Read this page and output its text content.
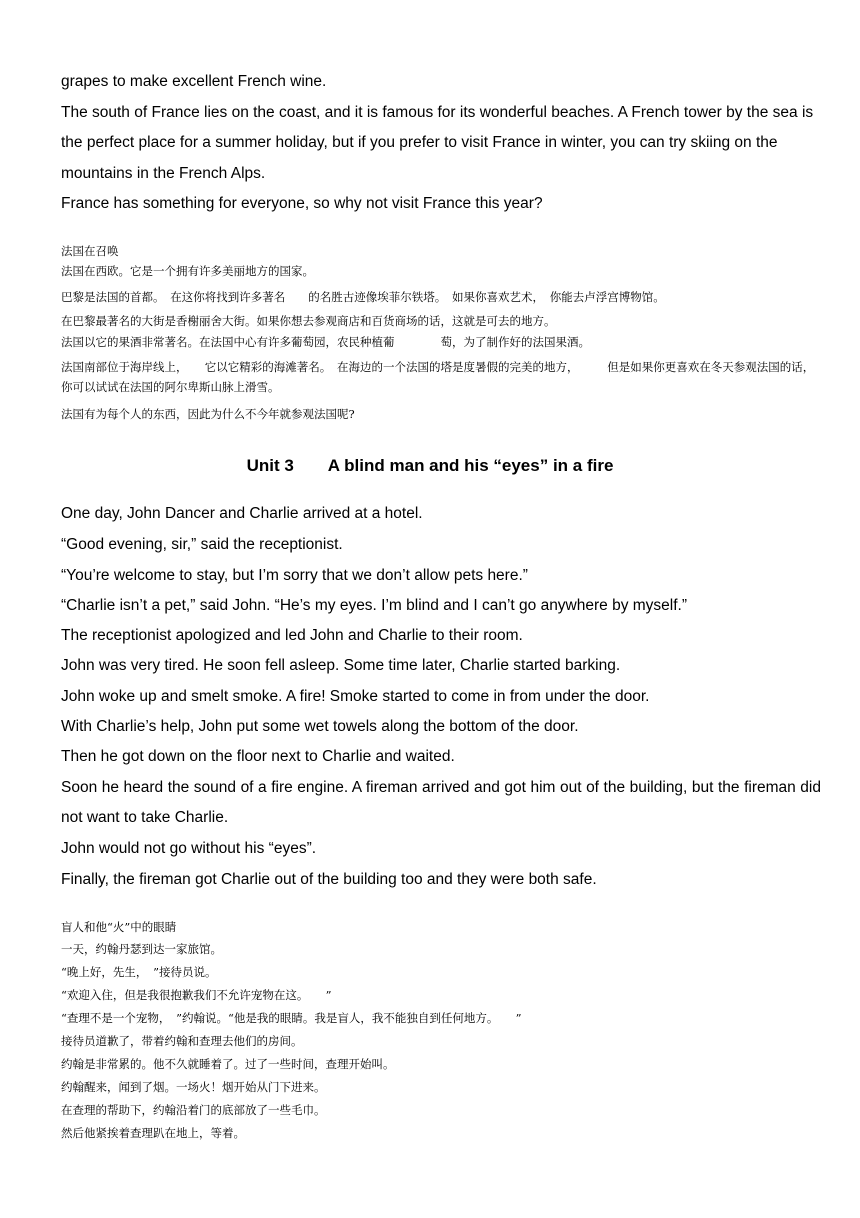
grapes to make excellent French wine.
The south of France lies on the coast, and it is famous for its wonderful beaches. A French tower by the sea is the perfect place for a summer holiday, but if you prefer to visit France in winter, you can try skiing on the mountains in the French Alps.
France has something for everyone, so why not visit France this year?
法国在召唤
法国在西欧。它是一个拥有许多美丽地方的国家。
巴黎是法国的首都。　在这你将找到许多著名　　的名胜古迹像埃菲尔铁塔。　如果你喜欢艺术，　你能去卢浮宫博物馆。
在巴黎最著名的大街是香榭丽舍大街。如果你想去参观商店和百货商场的话，这就是可去的地方。
法国以它的果酒非常著名。在法国中心有许多葡萄园，农民种植葡　　　　萄，为了制作好的法国果酒。
法国南部位于海岸线上，　　它以它精彩的海滩著名。　在海边的一个法国的塔是度暑假的完美的地方，　　　但是如果你更喜欢在冬天参观法国的话，你可以试试在法国的阿尔卑斯山脉上滑雪。
法国有为每个人的东西，因此为什么不今年就参观法国呢?
Unit 3　　A blind man and his “eyes” in a fire
One day, John Dancer and Charlie arrived at a hotel.
“Good evening, sir,” said the receptionist.
“You’re welcome to stay, but I’m sorry that we don’t allow pets here.”
“Charlie isn’t a pet,” said John. “He’s my eyes. I’m blind and I can’t go anywhere by myself.”
The receptionist apologized and led John and Charlie to their room.
John was very tired. He soon fell asleep. Some time later, Charlie started barking.
John woke up and smelt smoke. A fire! Smoke started to come in from under the door.
With Charlie’s help, John put some wet towels along the bottom of the door.
Then he got down on the floor next to Charlie and waited.
Soon he heard the sound of a fire engine. A fireman arrived and got him out of the building, but the fireman did not want to take Charlie.
John would not go without his “eyes”.
Finally, the fireman got Charlie out of the building too and they were both safe.
盲人和他“火”中的眼睛
一天，约翰丹瑟到达一家旅馆。
“晚上好，先生，　”接待员说。
“欢迎入住，但是我很抱歉我们不允许宠物在这。　　”
“查理不是一个宠物，　”约翰说。“他是我的眼睛。我是盲人，我不能独自到任何地方。　　”
接待员道歉了，带着约翰和查理去他们的房间。
约翰是非常累的。他不久就睡着了。过了一些时间，查理开始叫。
约翰醒来，闻到了烟。一场火！烟开始从门下进来。
在查理的帮助下，约翰沿着门的底部放了一些毛巾。
然后他紧挨着查理趴在地上，等着。
